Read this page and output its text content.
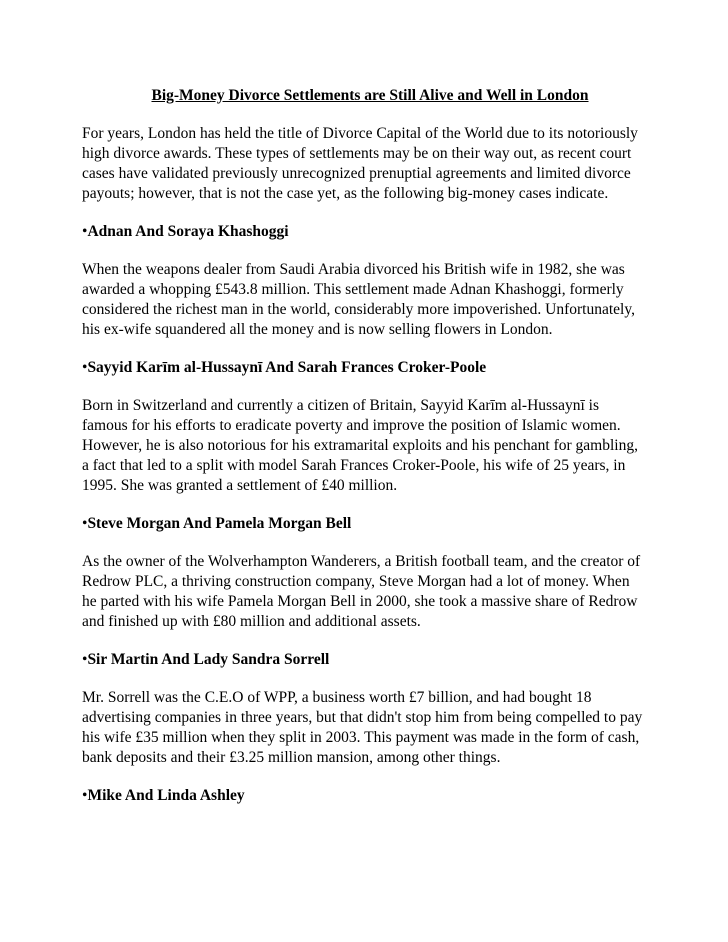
Big-Money Divorce Settlements are Still Alive and Well in London
For years, London has held the title of Divorce Capital of the World due to its notoriously high divorce awards. These types of settlements may be on their way out, as recent court cases have validated previously unrecognized prenuptial agreements and limited divorce payouts; however, that is not the case yet, as the following big-money cases indicate.
•Adnan And Soraya Khashoggi
When the weapons dealer from Saudi Arabia divorced his British wife in 1982, she was awarded a whopping £543.8 million. This settlement made Adnan Khashoggi, formerly considered the richest man in the world, considerably more impoverished. Unfortunately, his ex-wife squandered all the money and is now selling flowers in London.
•Sayyid Karīm al-Hussaynī And Sarah Frances Croker-Poole
Born in Switzerland and currently a citizen of Britain, Sayyid Karīm al-Hussaynī is famous for his efforts to eradicate poverty and improve the position of Islamic women. However, he is also notorious for his extramarital exploits and his penchant for gambling, a fact that led to a split with model Sarah Frances Croker-Poole, his wife of 25 years, in 1995. She was granted a settlement of £40 million.
•Steve Morgan And Pamela Morgan Bell
As the owner of the Wolverhampton Wanderers, a British football team, and the creator of Redrow PLC, a thriving construction company, Steve Morgan had a lot of money. When he parted with his wife Pamela Morgan Bell in 2000, she took a massive share of Redrow and finished up with £80 million and additional assets.
•Sir Martin And Lady Sandra Sorrell
Mr. Sorrell was the C.E.O of WPP, a business worth £7 billion, and had bought 18 advertising companies in three years, but that didn't stop him from being compelled to pay his wife £35 million when they split in 2003. This payment was made in the form of cash, bank deposits and their £3.25 million mansion, among other things.
•Mike And Linda Ashley
